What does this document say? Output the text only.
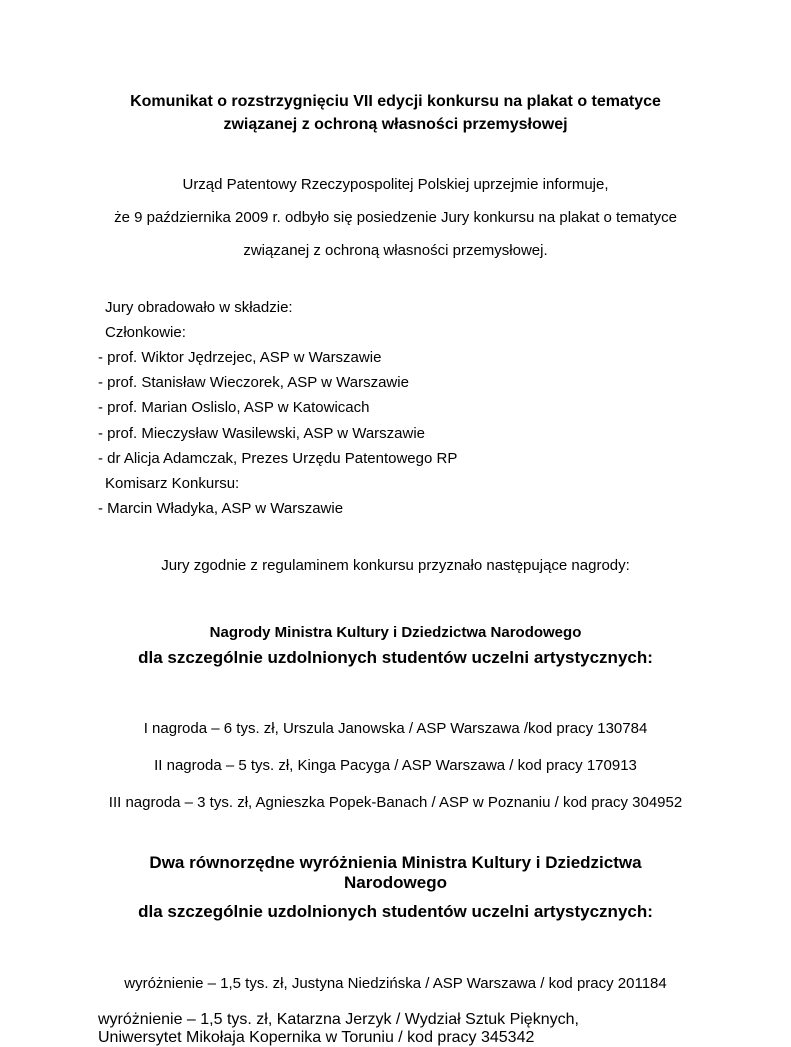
Komunikat o rozstrzygnięciu VII edycji konkursu na plakat o tematyce związanej z ochroną własności przemysłowej

Urząd Patentowy Rzeczypospolitej Polskiej uprzejmie informuje,

że 9 października 2009 r. odbyło się posiedzenie Jury konkursu na plakat o tematyce

związanej z ochroną własności przemysłowej.

Jury obradowało w składzie:

Członkowie:

- prof. Wiktor Jędrzejec, ASP w Warszawie

- prof. Stanisław Wieczorek, ASP w Warszawie

- prof. Marian Oslislo, ASP w Katowicach

- prof. Mieczysław Wasilewski, ASP w Warszawie

- dr Alicja Adamczak, Prezes Urzędu Patentowego RP

Komisarz Konkursu:

- Marcin Władyka, ASP w Warszawie

Jury zgodnie z regulaminem konkursu przyznało następujące nagrody:

Nagrody Ministra Kultury i Dziedzictwa Narodowego
dla szczególnie uzdolnionych studentów uczelni artystycznych:

I nagroda – 6 tys. zł, Urszula Janowska / ASP Warszawa /kod pracy 130784

II nagroda – 5 tys. zł, Kinga Pacyga / ASP Warszawa / kod pracy 170913

III nagroda – 3 tys. zł, Agnieszka Popek-Banach / ASP w Poznaniu / kod pracy 304952

Dwa równorzędne wyróżnienia Ministra Kultury i Dziedzictwa Narodowego
dla szczególnie uzdolnionych studentów uczelni artystycznych:

wyróżnienie – 1,5 tys. zł, Justyna Niedzińska / ASP Warszawa / kod pracy 201184

wyróżnienie – 1,5 tys. zł, Katarzna Jerzyk / Wydział Sztuk Pięknych,
Uniwersytet Mikołaja Kopernika w Toruniu / kod pracy 345342
